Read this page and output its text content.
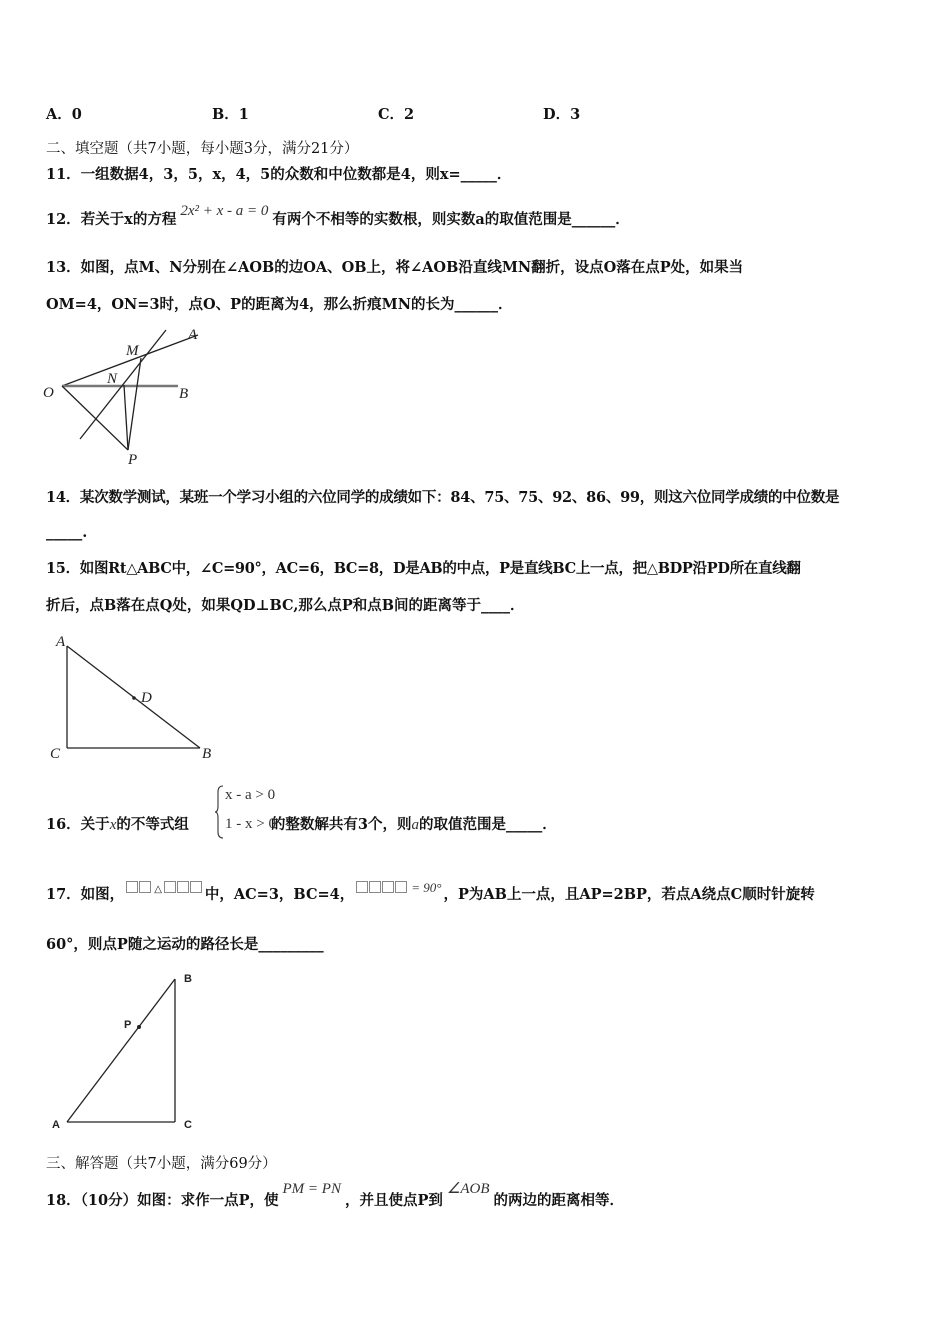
A．0	B．1	C．2	D．3
二、填空题（共7小题，每小题3分，满分21分）
11．一组数据4，3，5，x，4，5的众数和中位数都是4，则x=_____．
12．若关于x的方程 2x² + x - a = 0 有两个不相等的实数根，则实数a的取值范围是______．
13．如图，点M、N分别在∠AOB的边OA、OB上，将∠AOB沿直线MN翻折，设点O落在点P处，如果当
OM=4，ON=3时，点O、P的距离为4，那么折痕MN的长为______．
A
B
O
M
N
P
14．某次数学测试，某班一个学习小组的六位同学的成绩如下：84、75、75、92、86、99，则这六位同学成绩的中位数是
_____.
15．如图Rt△ABC中，∠C=90°，AC=6，BC=8，D是AB的中点，P是直线BC上一点，把△BDP沿PD所在直线翻
折后，点B落在点Q处，如果QD⊥BC,那么点P和点B间的距离等于____．
A
B
C
D
16．关于x的不等式组	的整数解共有3个，则a的取值范围是_____．
x - a > 0
1 - x > 0
17．如图，	△	中，AC=3，BC=4，	= 90° ，P为AB上一点，且AP=2BP，若点A绕点C顺时针旋转
60°，则点P随之运动的路径长是_________
A
B
C
P
三、解答题（共7小题，满分69分）
18．（10分）如图：求作一点P，使PM = PN，并且使点P到∠AOB的两边的距离相等．
